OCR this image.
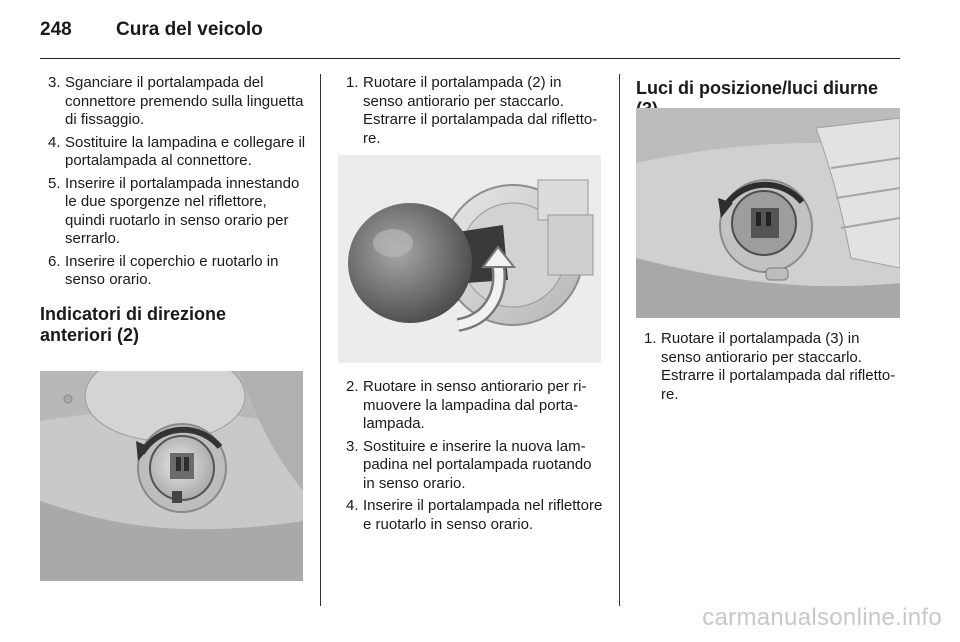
248 Cura del veicolo
3. Sganciare il portalampada del connettore premendo sulla linguetta di fissaggio.
4. Sostituire la lampadina e collegare il portalampada al connettore.
5. Inserire il portalampada innestando le due sporgenze nel riflettore, quindi ruotarlo in senso orario per serrarlo.
6. Inserire il coperchio e ruotarlo in senso orario.
Indicatori di direzione
anteriori (2)
1. Ruotare il portalampada (2) in senso antiorario per staccarlo. Estrarre il portalampada dal riflettore.
2. Ruotare in senso antiorario per rimuovere la lampadina dal portalampada.
3. Sostituire e inserire la nuova lampadina nel portalampada ruotando in senso orario.
4. Inserire il portalampada nel riflettore e ruotarlo in senso orario.
Luci di posizione/luci diurne
1. Ruotare il portalampada (3) in senso antiorario per staccarlo. Estrarre il portalampada dal riflettore.
carmanualsonline.info
